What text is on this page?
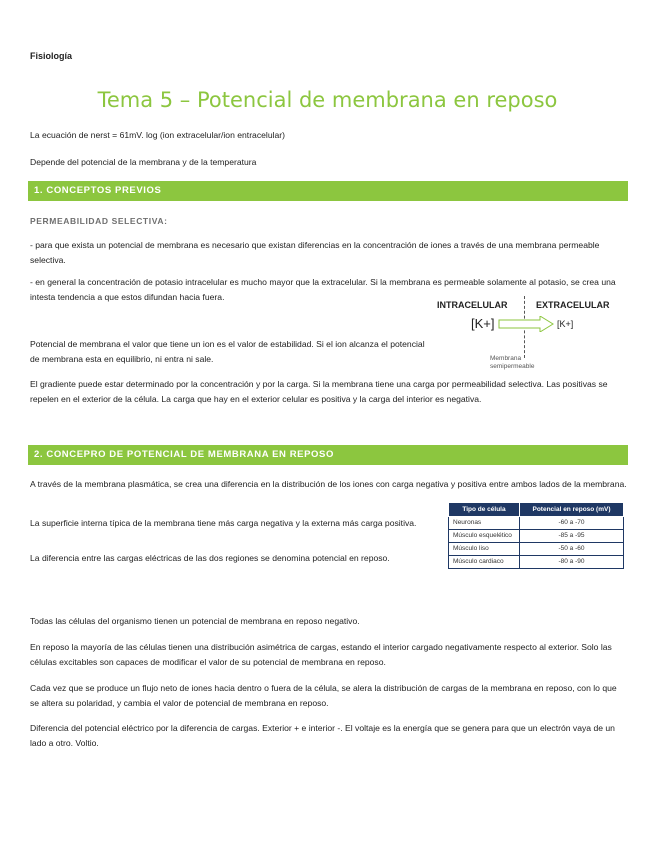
Fisiología
Tema 5 – Potencial de membrana en reposo

La ecuación de nerst = 61mV. log (ion extracelular/ion entracelular)

Depende del potencial de la membrana y de la temperatura

1. CONCEPTOS PREVIOS
PERMEABILIDAD SELECTIVA:

- para que exista un potencial de membrana es necesario que existan diferencias en la concentración de iones a través de una membrana permeable selectiva.

- en general la concentración de potasio intracelular es mucho mayor que la extracelular. Si la membrana es permeable solamente al potasio, se crea una intesta tendencia a que estos difundan hacia fuera.

INTRACELULAR	EXTRACELULAR
[K+]	[K+]
Membrana
semipermeable

Potencial de membrana el valor que tiene un ion es el valor de estabilidad. Si el ion alcanza el potencial de membrana esta en equilibrio, ni entra ni sale.

El gradiente puede estar determinado por la concentración y por la carga. Si la membrana tiene una carga por permeabilidad selectiva. Las positivas se repelen en el exterior de la célula. La carga que hay en el exterior celular es positiva y la carga del interior es negativa.

2. CONCEPRO DE POTENCIAL DE MEMBRANA EN REPOSO

A través de la membrana plasmática, se crea una diferencia en la distribución de los iones con carga negativa y positiva entre ambos lados de la membrana.

La superficie interna típica de la membrana tiene más carga negativa y la externa más carga positiva.

La diferencia entre las cargas eléctricas de las dos regiones se denomina potencial en reposo.

Tipo de célula	Potencial en reposo (mV)
Neuronas	-60 a -70
Músculo esquelético	-85 a -95
Músculo liso	-50 a -60
Músculo cardiaco	-80 a -90

Todas las células del organismo tienen un potencial de membrana en reposo negativo.

En reposo la mayoría de las células tienen una distribución asimétrica de cargas, estando el interior cargado negativamente respecto al exterior. Solo las células excitables son capaces de modificar el valor de su potencial de membrana en reposo.

Cada vez que se produce un flujo neto de iones hacia dentro o fuera de la célula, se alera la distribución de cargas de la membrana en reposo, con lo que se altera su polaridad, y cambia el valor de potencial de membrana en reposo.

Diferencia del potencial eléctrico por la diferencia de cargas. Exterior + e interior -. El voltaje es la energía que se genera para que un electrón vaya de un lado a otro. Voltio.
